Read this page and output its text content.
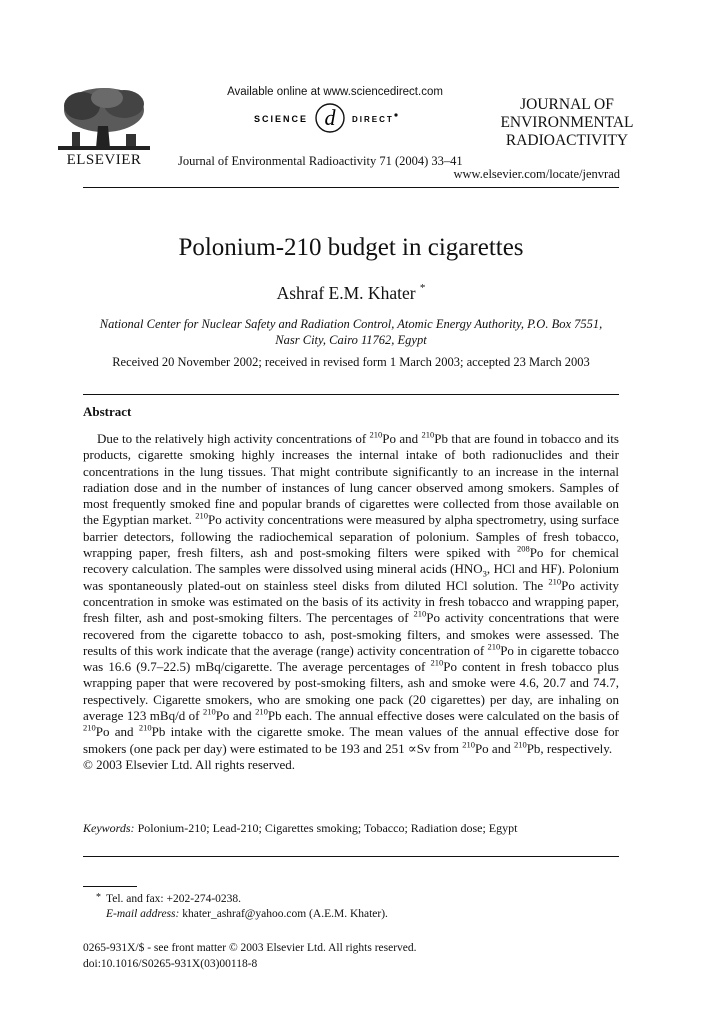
ELSEVIER
Available online at www.sciencedirect.com
SCIENCE d DIRECT
Journal of Environmental Radioactivity 71 (2004) 33–41
JOURNAL OF
ENVIRONMENTAL
RADIOACTIVITY
www.elsevier.com/locate/jenvrad
Polonium-210 budget in cigarettes
Ashraf E.M. Khater *
National Center for Nuclear Safety and Radiation Control, Atomic Energy Authority, P.O. Box 7551,
Nasr City, Cairo 11762, Egypt
Received 20 November 2002; received in revised form 1 March 2003; accepted 23 March 2003
Abstract

Due to the relatively high activity concentrations of $^{210}$Po and $^{210}$Pb that are found in tobacco and its products, cigarette smoking highly increases the internal intake of both radionuclides and their concentrations in the lung tissues. That might contribute significantly to an increase in the internal radiation dose and in the number of instances of lung cancer observed among smokers. Samples of most frequently smoked fine and popular brands of cigarettes were collected from those available on the Egyptian market. $^{210}$Po activity concentrations were measured by alpha spectrometry, using surface barrier detectors, following the radiochemical separation of polonium. Samples of fresh tobacco, wrapping paper, fresh filters, ash and post-smoking filters were spiked with $^{208}$Po for chemical recovery calculation. The samples were dissolved using mineral acids ($HNO_3$, HCl and HF). Polonium was spontaneously plated-out on stainless steel disks from diluted HCl solution. The $^{210}$Po activity concentration in smoke was estimated on the basis of its activity in fresh tobacco and wrapping paper, fresh filter, ash and post-smoking filters. The percentages of $^{210}$Po activity concentrations that were recovered from the cigarette tobacco to ash, post-smoking filters, and smokes were assessed. The results of this work indicate that the average (range) activity concentration of $^{210}$Po in cigarette tobacco was 16.6 (9.7–22.5) mBq/cigarette. The average percentages of $^{210}$Po content in fresh tobacco plus wrapping paper that were recovered by post-smoking filters, ash and smoke were 4.6, 20.7 and 74.7, respectively. Cigarette smokers, who are smoking one pack (20 cigarettes) per day, are inhaling on average 123 mBq/d of $^{210}$Po and $^{210}$Pb each. The annual effective doses were calculated on the basis of $^{210}$Po and $^{210}$Pb intake with the cigarette smoke. The mean values of the annual effective dose for smokers (one pack per day) were estimated to be 193 and 251 ∝Sv from $^{210}$Po and $^{210}$Pb, respectively.

© 2003 Elsevier Ltd. All rights reserved.

Keywords: Polonium-210; Lead-210; Cigarettes smoking; Tobacco; Radiation dose; Egypt
* Tel. and fax: +202-274-0238.
E-mail address: khater_ashraf@yahoo.com (A.E.M. Khater).
0265-931X/$ - see front matter © 2003 Elsevier Ltd. All rights reserved.
doi:10.1016/S0265-931X(03)00118-8
